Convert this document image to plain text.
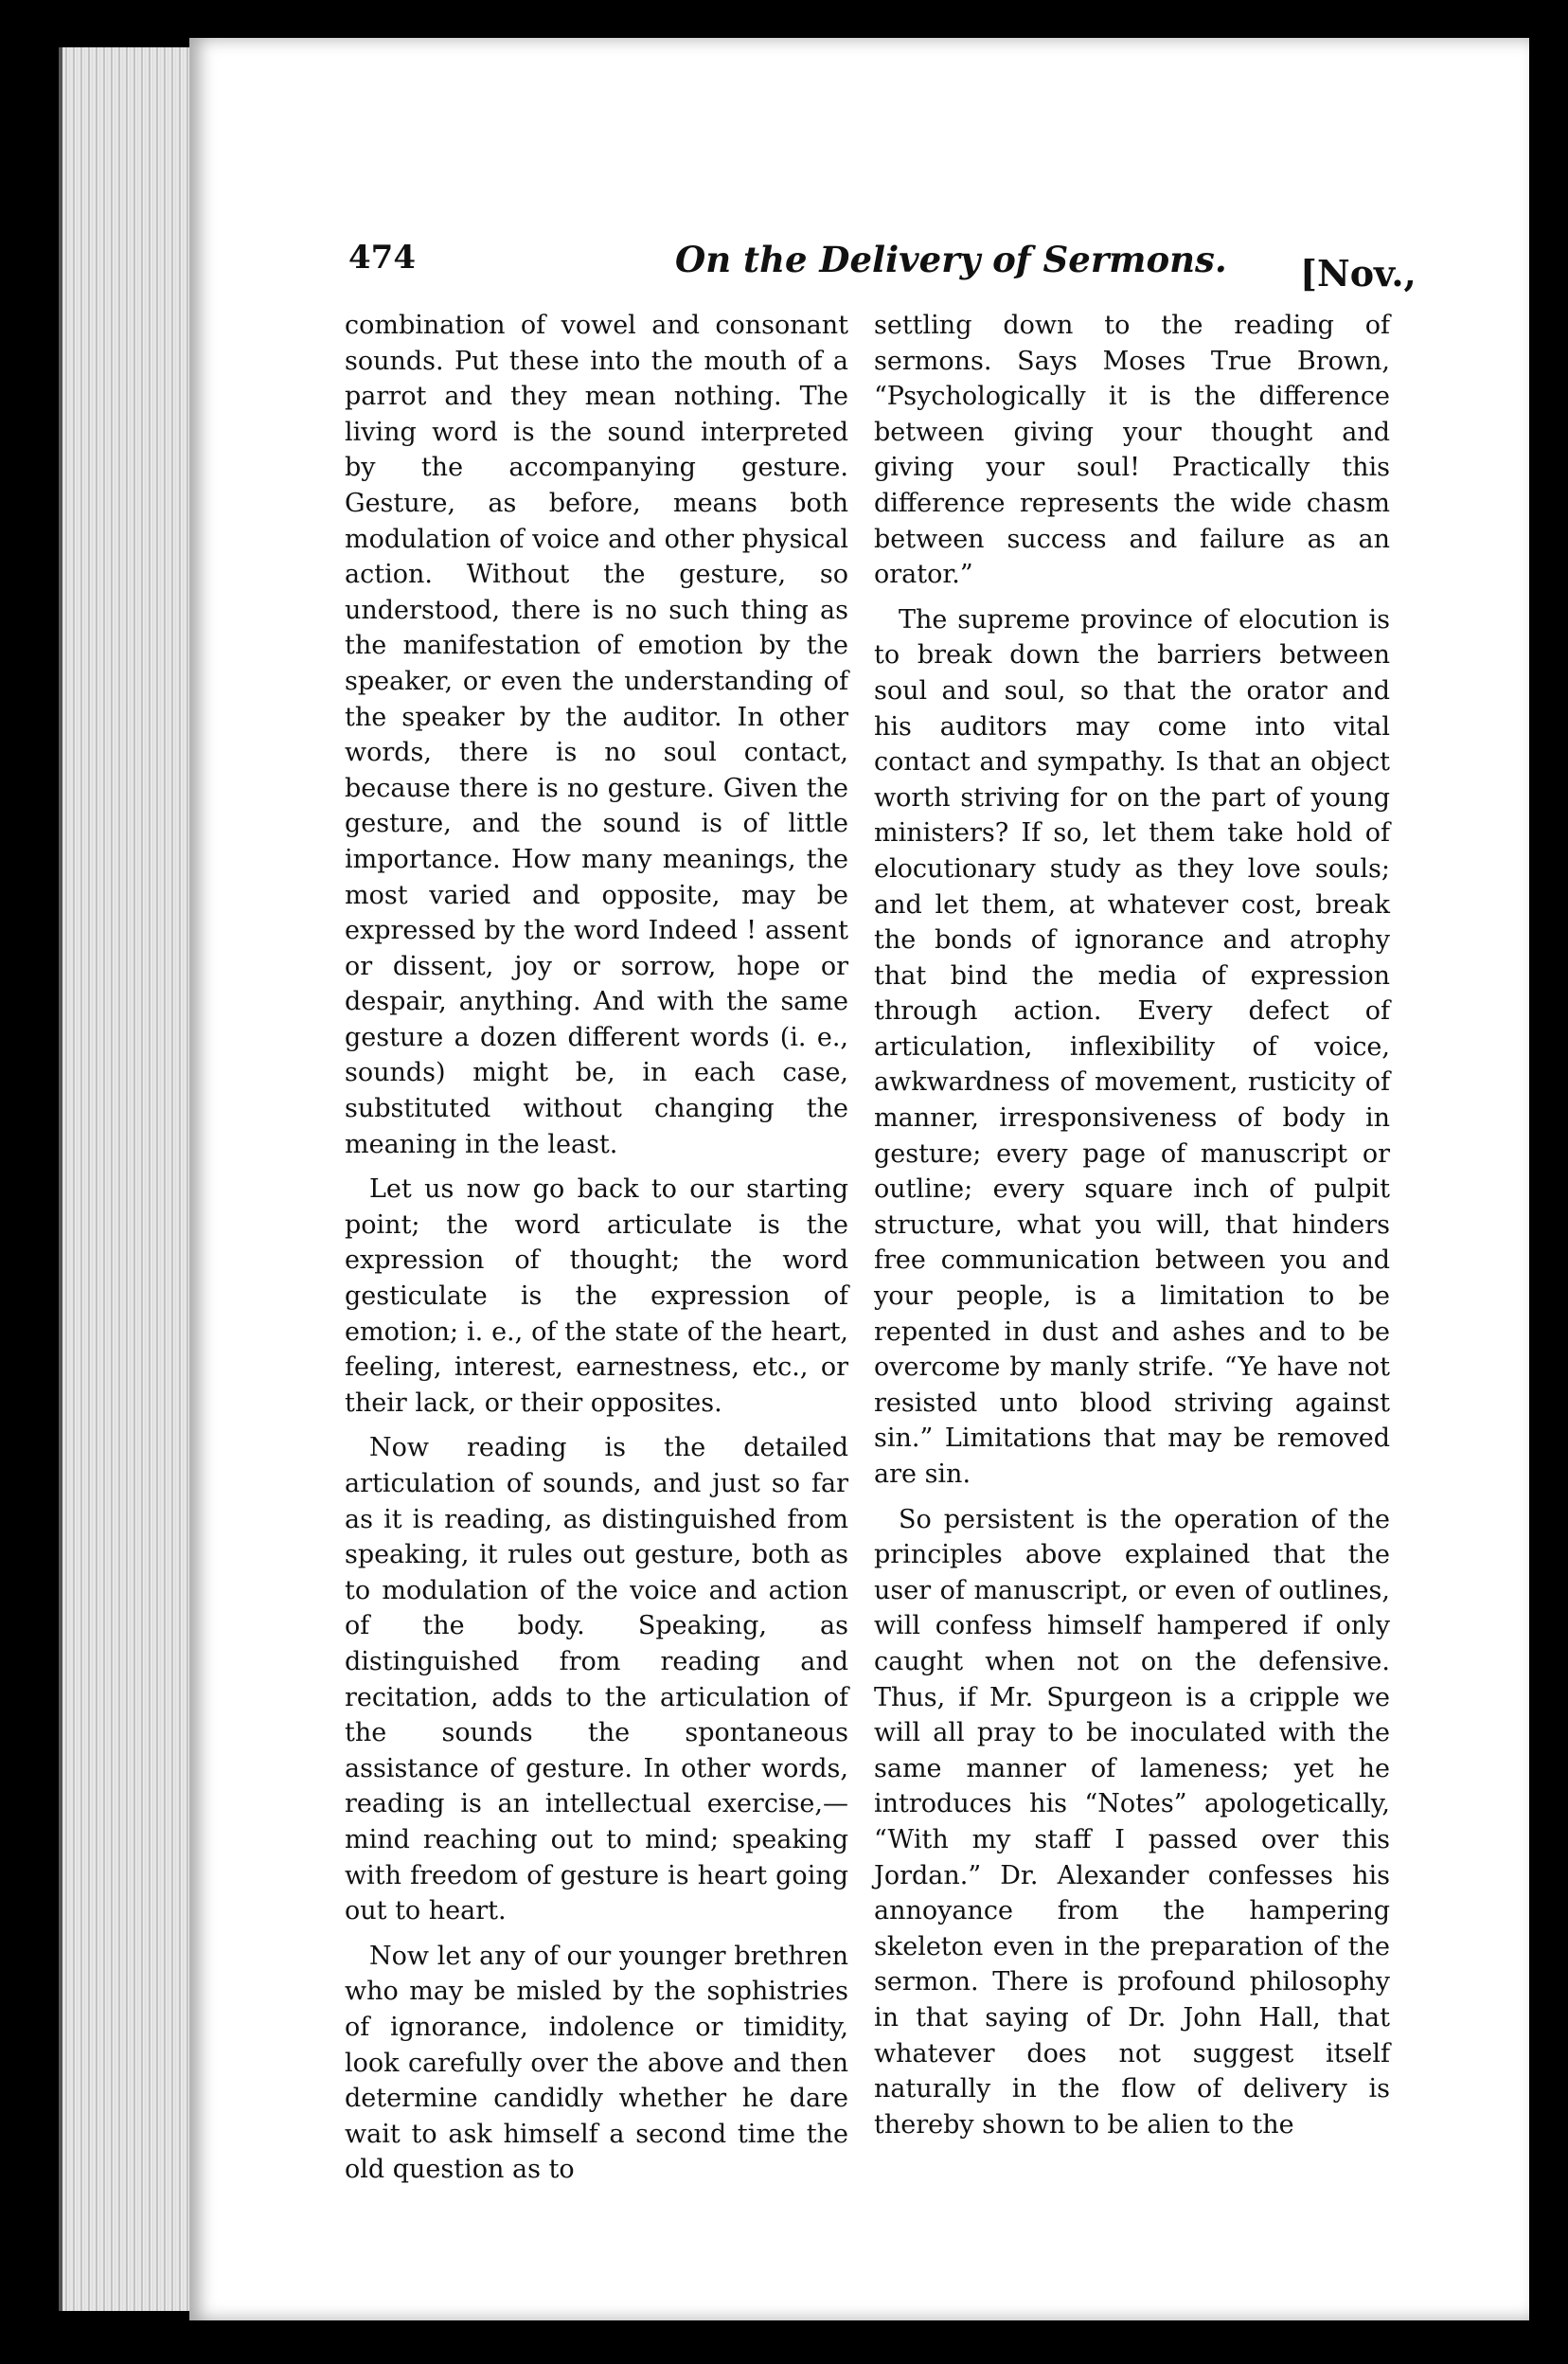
474	On the Delivery of Sermons. [Nov.,

combination of vowel and consonant sounds. Put these into the mouth of a parrot and they mean nothing. The living word is the sound interpreted by the accompanying gesture. Gesture, as before, means both modulation of voice and other physical action. Without the gesture, so understood, there is no such thing as the manifestation of emotion by the speaker, or even the understanding of the speaker by the auditor. In other words, there is no soul contact, because there is no gesture. Given the gesture, and the sound is of little importance. How many meanings, the most varied and opposite, may be expressed by the word Indeed ! assent or dissent, joy or sorrow, hope or despair, anything. And with the same gesture a dozen different words (i. e., sounds) might be, in each case, substituted without changing the meaning in the least.

Let us now go back to our starting point; the word articulate is the expression of thought; the word gesticulate is the expression of emotion; i. e., of the state of the heart, feeling, interest, earnestness, etc., or their lack, or their opposites.

Now reading is the detailed articulation of sounds, and just so far as it is reading, as distinguished from speaking, it rules out gesture, both as to modulation of the voice and action of the body. Speaking, as distinguished from reading and recitation, adds to the articulation of the sounds the spontaneous assistance of gesture. In other words, reading is an intellectual exercise,—mind reaching out to mind; speaking with freedom of gesture is heart going out to heart.

Now let any of our younger brethren who may be misled by the sophistries of ignorance, indolence or timidity, look carefully over the above and then determine candidly whether he dare wait to ask himself a second time the old question as to

settling down to the reading of sermons. Says Moses True Brown, “Psychologically it is the difference between giving your thought and giving your soul! Practically this difference represents the wide chasm between success and failure as an orator.”

The supreme province of elocution is to break down the barriers between soul and soul, so that the orator and his auditors may come into vital contact and sympathy. Is that an object worth striving for on the part of young ministers? If so, let them take hold of elocutionary study as they love souls; and let them, at whatever cost, break the bonds of ignorance and atrophy that bind the media of expression through action. Every defect of articulation, inflexibility of voice, awkwardness of movement, rusticity of manner, irresponsiveness of body in gesture; every page of manuscript or outline; every square inch of pulpit structure, what you will, that hinders free communication between you and your people, is a limitation to be repented in dust and ashes and to be overcome by manly strife. “Ye have not resisted unto blood striving against sin.” Limitations that may be removed are sin.

So persistent is the operation of the principles above explained that the user of manuscript, or even of outlines, will confess himself hampered if only caught when not on the defensive. Thus, if Mr. Spurgeon is a cripple we will all pray to be inoculated with the same manner of lameness; yet he introduces his “Notes” apologetically, “With my staff I passed over this Jordan.” Dr. Alexander confesses his annoyance from the hampering skeleton even in the preparation of the sermon. There is profound philosophy in that saying of Dr. John Hall, that whatever does not suggest itself naturally in the flow of delivery is thereby shown to be alien to the
